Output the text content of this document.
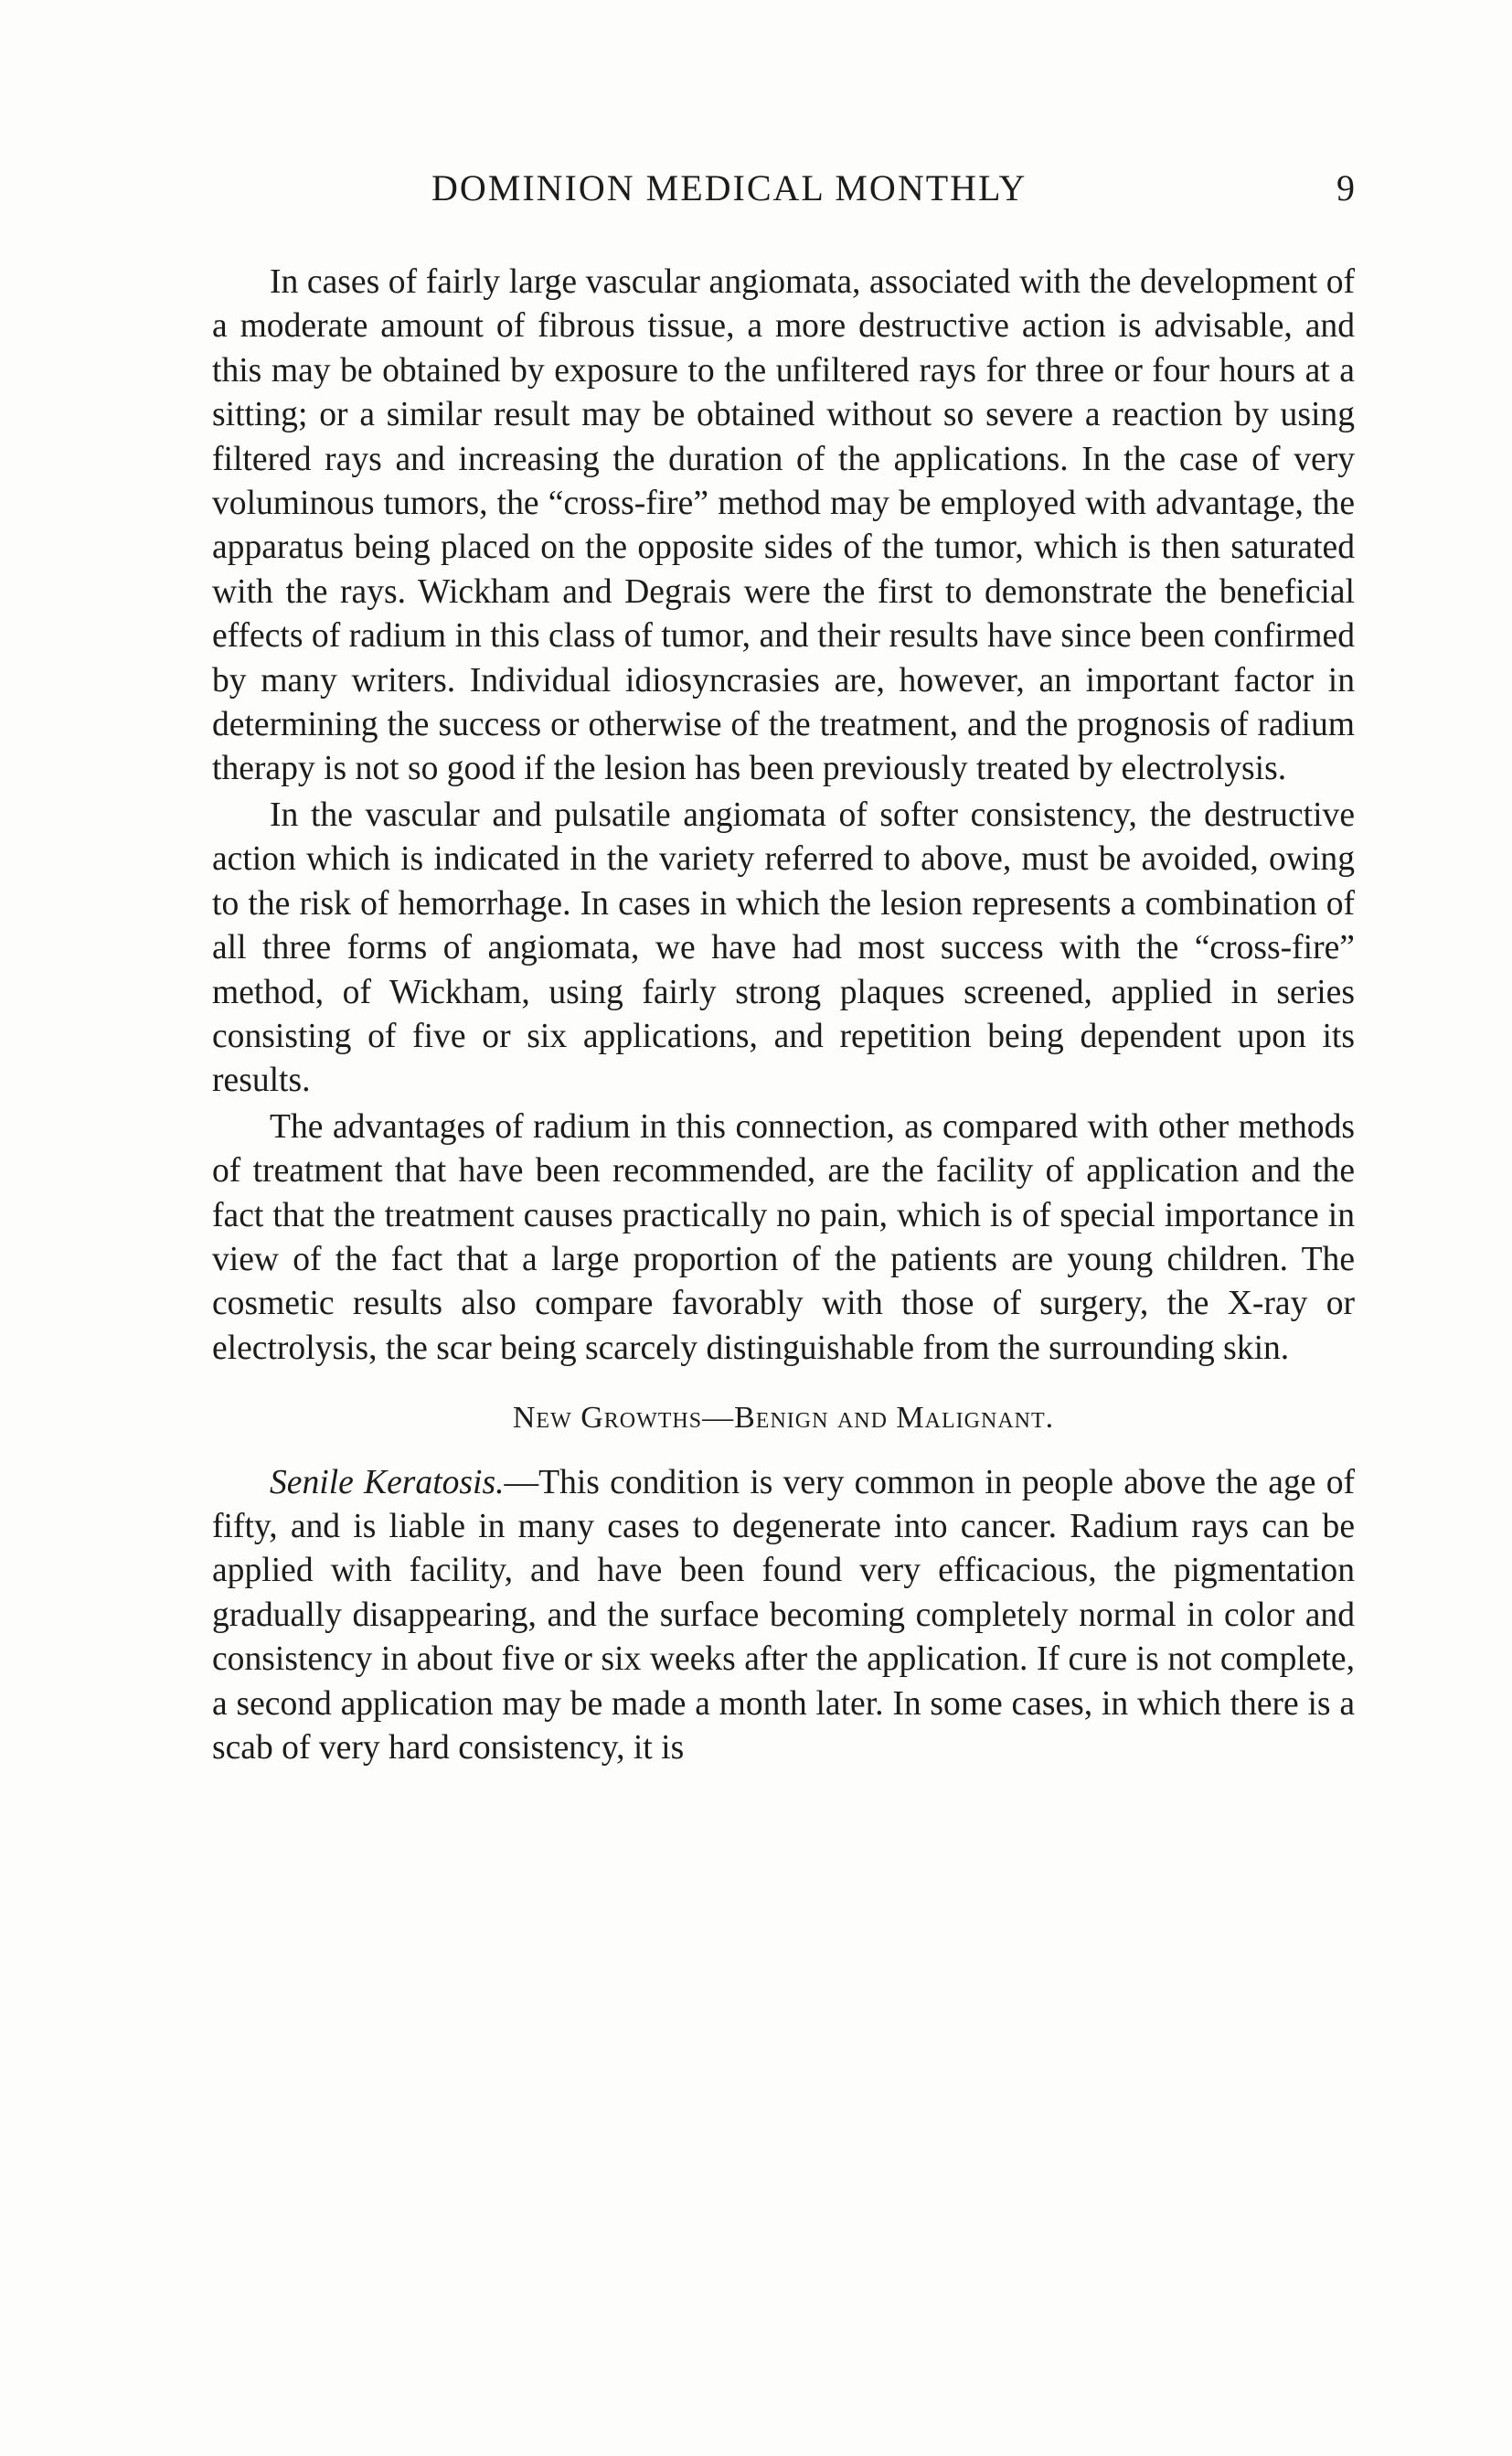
DOMINION MEDICAL MONTHLY	9

In cases of fairly large vascular angiomata, associated with the development of a moderate amount of fibrous tissue, a more destructive action is advisable, and this may be obtained by exposure to the unfiltered rays for three or four hours at a sitting; or a similar result may be obtained without so severe a reaction by using filtered rays and increasing the duration of the applications. In the case of very voluminous tumors, the “cross-fire” method may be employed with advantage, the apparatus being placed on the opposite sides of the tumor, which is then saturated with the rays. Wickham and Degrais were the first to demonstrate the beneficial effects of radium in this class of tumor, and their results have since been confirmed by many writers. Individual idiosyncrasies are, however, an important factor in determining the success or otherwise of the treatment, and the prognosis of radium therapy is not so good if the lesion has been previously treated by electrolysis.

In the vascular and pulsatile angiomata of softer consistency, the destructive action which is indicated in the variety referred to above, must be avoided, owing to the risk of hemorrhage. In cases in which the lesion represents a combination of all three forms of angiomata, we have had most success with the “cross-fire” method, of Wickham, using fairly strong plaques screened, applied in series consisting of five or six applications, and repetition being dependent upon its results.

The advantages of radium in this connection, as compared with other methods of treatment that have been recommended, are the facility of application and the fact that the treatment causes practically no pain, which is of special importance in view of the fact that a large proportion of the patients are young children. The cosmetic results also compare favorably with those of surgery, the X-ray or electrolysis, the scar being scarcely distinguishable from the surrounding skin.

New Growths—Benign and Malignant.

Senile Keratosis.—This condition is very common in people above the age of fifty, and is liable in many cases to degenerate into cancer. Radium rays can be applied with facility, and have been found very efficacious, the pigmentation gradually disappearing, and the surface becoming completely normal in color and consistency in about five or six weeks after the application. If cure is not complete, a second application may be made a month later. In some cases, in which there is a scab of very hard consistency, it is
